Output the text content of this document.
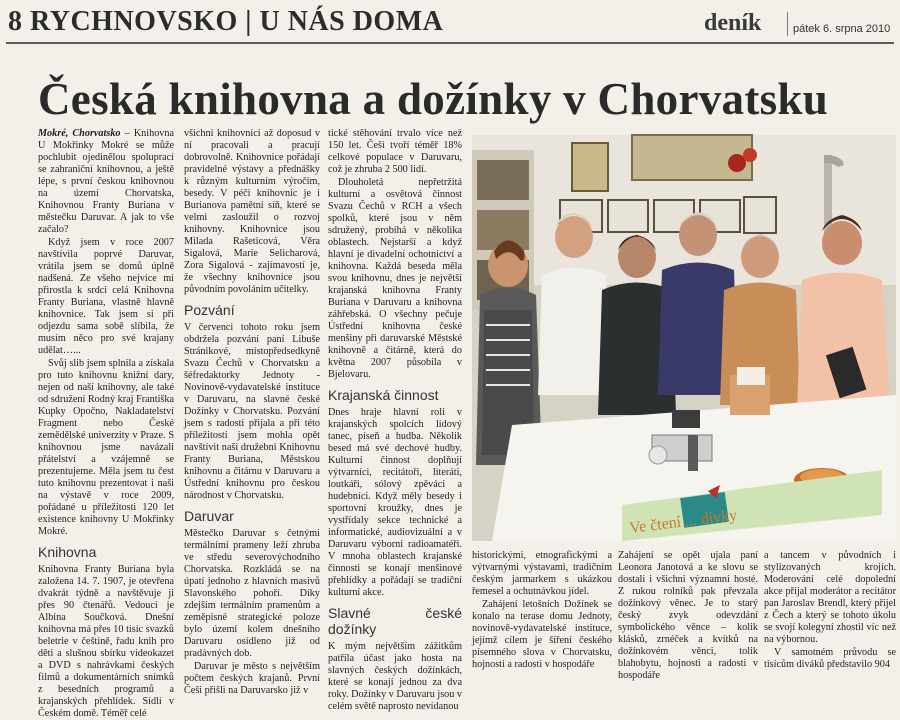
8 RYCHNOVSKO | U NÁS DOMA	deník	pátek 6. srpna 2010
Česká knihovna a dožínky v Chorvatsku

Mokré, Chorvatsko – Knihovna U Mokřinky Mokré se může pochlubit ojedinělou spoluprací se zahraniční knihovnou, a ještě lépe, s první českou knihovnou na území Chorvatska, Knihovnou Franty Buriana v městečku Daruvar. A jak to vše začalo?

Když jsem v roce 2007 navštívila poprvé Daruvar, vrátila jsem se domů úplně nadšená. Ze všeho nejvíce mi přirostla k srdci celá Knihovna Franty Buriana, vlastně hlavně knihovnice. Tak jsem si při odjezdu sama sobě slíbila, že musím něco pro své krajany udělat…...

Svůj slib jsem splnila a získala pro tuto knihovnu knižní dary, nejen od naší knihovny, ale také od sdružení Rodný kraj Františka Kupky Opočno, Nakladatelství Fragment nebo České zemědělské univerzity v Praze. S knihovnou jsme navázali přátelství a vzájemně se prezentujeme. Měla jsem tu čest tuto knihovnu prezentovat i naši na výstavě v roce 2009, pořádané u příležitosti 120 let existence knihovny U Mokřinky Mokré.

Knihovna

Knihovna Franty Buriana byla založena 14. 7. 1907, je otevřena dvakrát týdně a navštěvuje ji přes 90 čtenářů. Vedoucí je Albína Součková. Dnešní knihovna má přes 10 tisíc svazků beletrie v češtině, řadu knih pro děti a slušnou sbírku videokazet a DVD s nahrávkami českých filmů a dokumentárních snímků z besedních programů a krajanských přehlídek. Sídlí v Českém domě. Téměř celé

všichni knihovníci až doposud v ní pracovali a pracují dobrovolně. Knihovnice pořádají pravidelné výstavy a přednášky k různým kulturním výročím, besedy. V péči knihovnic je i Burianova pamětní síň, které se velmi zasloužil o rozvoj knihovny. Knihovnice jsou Milada Rašeticová, Věra Sigalová, Marie Selicharová, Zora Sigalová - zajímavostí je, že všechny knihovnice jsou původním povoláním učitelky.

Pozvání

V červenci tohoto roku jsem obdržela pozvání paní Libuše Stránikové, místopředsedkyně Svazu Čechů v Chorvatsku a šéfredaktorky Jednoty - Novinově-vydavatelské instituce v Daruvaru, na slavné české Dožínky v Chorvatsku. Pozvání jsem s radostí přijala a při této příležitosti jsem mohla opět navštívit naši družební Knihovnu Franty Buriana, Městskou knihovnu a čitárnu v Daruvaru a Ústřední knihovnu pro českou národnost v Chorvatsku.

Daruvar

Městečko Daruvar s četnými termálními prameny leží zhruba ve středu severovýchodního Chorvatska. Rozkládá se na úpatí jednoho z hlavních masivů Slavonského pohoří. Díky zdejším termálním pramenům a zeměpisné strategické poloze bylo území kolem dnešního Daruvaru osídleno již od pradávných dob.

Daruvar je město s největším počtem českých krajanů. První Češi přišli na Daruvarsko již v

tické stěhování trvalo více než 150 let. Češi tvoří téměř 18% celkové populace v Daruvaru, což je zhruba 2 500 lidí.

Dlouholetá nepřetržitá kulturní a osvětová činnost Svazu Čechů v RCH a všech spolků, které jsou v něm sdružený, probíhá v několika oblastech. Nejstarší a když hlavní je divadelní ochotnictví a knihovna. Každá beseda měla svou knihovnu, dnes je největší krajanská knihovna Franty Buriana v Daruvaru a knihovna záhřebská. O všechny pečuje Ústřední knihovna české menšiny při daruvarské Městské knihovně a čitárně, která do května 2007 působila v Bjelovaru.

Krajanská činnost

Dnes hraje hlavní roli v krajanských spolcích lidový tanec, píseň a hudba. Několik besed má své dechové hudby. Kulturní činnost doplňují výtvarníci, recitátoři, literáti, loutkáři, sólový zpěváci a hudebníci. Když měly besedy i sportovní kroužky, dnes je vystřídaly sekce technické a informatické, audiovizuální a v Daruvaru výborní radioamatéři. V mnoha oblastech krajanské činnosti se konají menšinové přehlídky a pořádají se tradiční kulturní akce.

Slavné české dožínky

K mým největším zážitkům patřila účast jako hosta na slavných českých dožínkách, které se konají jednou za dva roky. Dožínky v Daruvaru jsou v celém světě naprosto nevídanou

Ve čtení ... dívky

historickými, etnografickými a výtvarnými výstavami, tradičním českým jarmarkem s ukázkou řemesel a ochutnávkou jídel.

Zahájení letošních Dožínek se konalo na terase domu Jednoty, novinově-vydavatelské instituce, jejímž cílem je šíření českého písemného slova v Chorvatsku, hojnosti a radosti v hospodáře

Zahájení se opět ujala paní Leonora Janotová a ke slovu se dostali i všichni významní hosté. Z rukou rolníků pak převzala dožínkový věnec. Je to starý český zvyk odevzdání symbolického věnce – kolik klásků, zrnéček a kvítků na dožínkovém věnci, tolik blahobytu, hojnosti a radosti v hospodáře

a tancem v původních i stylizovaných krojích. Moderování celé dopolední akce přijal moderátor a recitátor pan Jaroslav Brendl, který přijel z Čech a který se tohoto úkolu se svojí kolegyní zhostil víc než na výbornou.

V samotném průvodu se tisícům diváků představilo 904
